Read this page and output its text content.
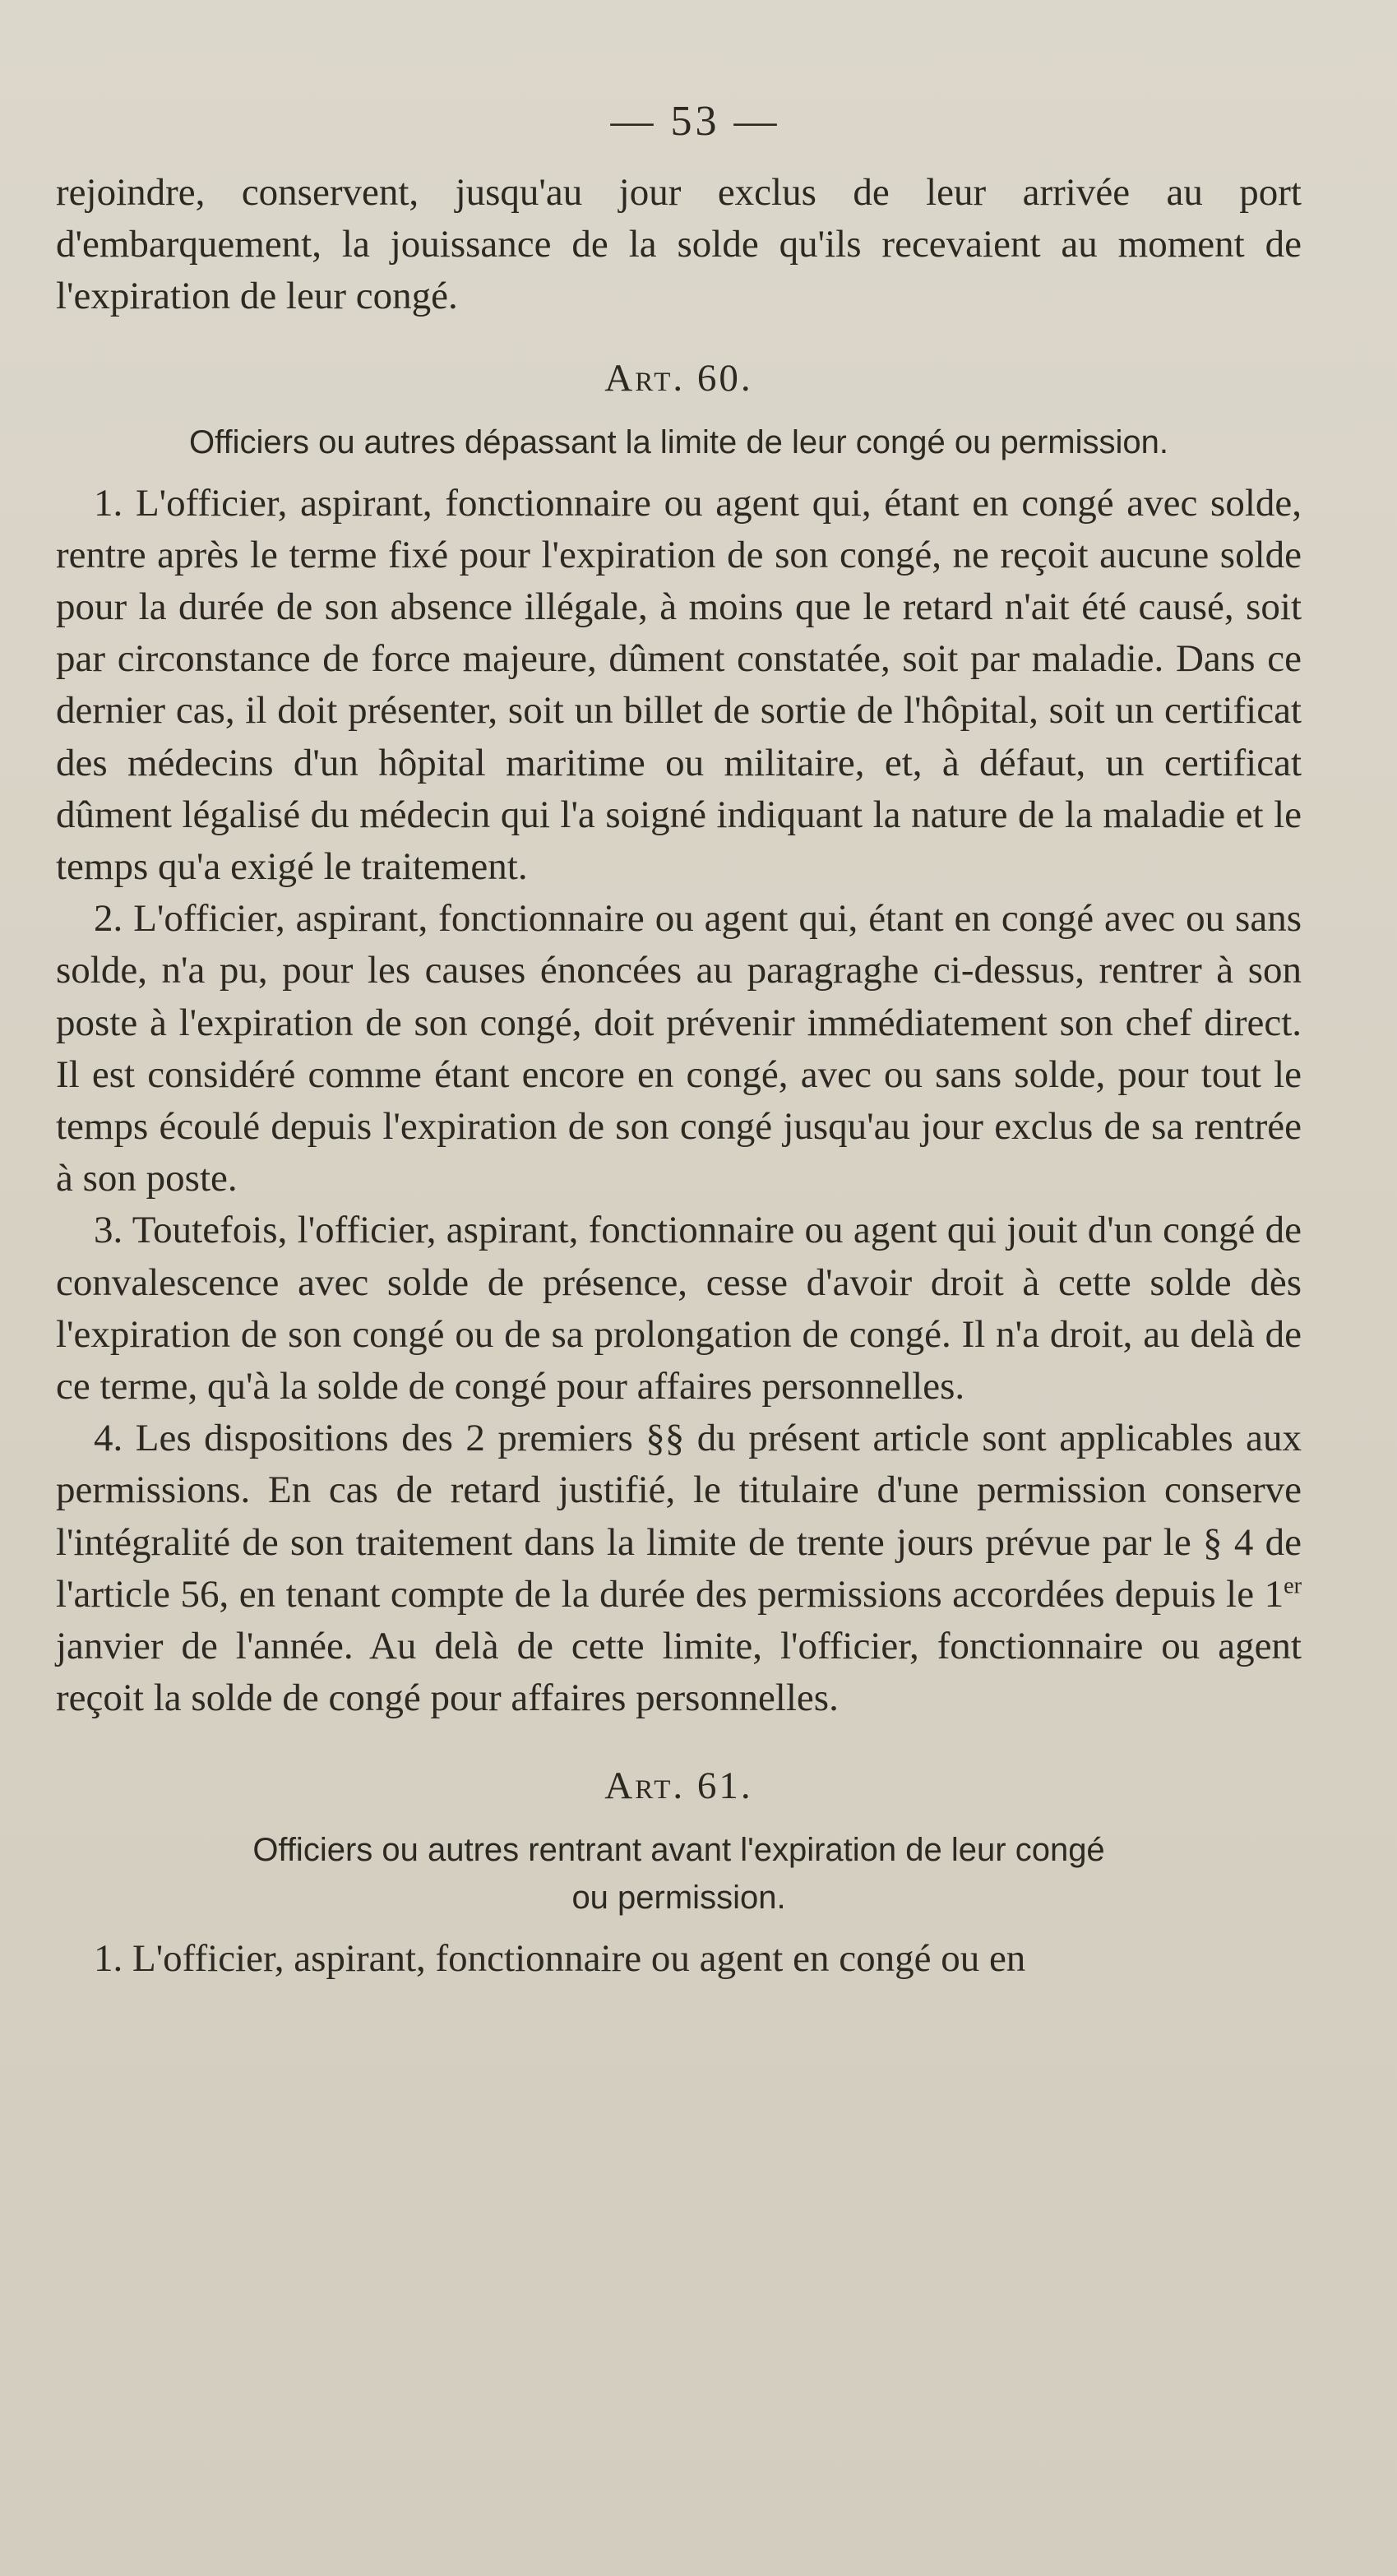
— 53 —

rejoindre, conservent, jusqu'au jour exclus de leur arrivée au port d'embarquement, la jouissance de la solde qu'ils recevaient au moment de l'expiration de leur congé.

Art. 60.
Officiers ou autres dépassant la limite de leur congé ou permission.

1. L'officier, aspirant, fonctionnaire ou agent qui, étant en congé avec solde, rentre après le terme fixé pour l'expiration de son congé, ne reçoit aucune solde pour la durée de son absence illégale, à moins que le retard n'ait été causé, soit par circonstance de force majeure, dûment constatée, soit par maladie. Dans ce dernier cas, il doit présenter, soit un billet de sortie de l'hôpital, soit un certificat des médecins d'un hôpital maritime ou militaire, et, à défaut, un certificat dûment légalisé du médecin qui l'a soigné indiquant la nature de la maladie et le temps qu'a exigé le traitement.

2. L'officier, aspirant, fonctionnaire ou agent qui, étant en congé avec ou sans solde, n'a pu, pour les causes énoncées au paragraghe ci-dessus, rentrer à son poste à l'expiration de son congé, doit prévenir immédiatement son chef direct. Il est considéré comme étant encore en congé, avec ou sans solde, pour tout le temps écoulé depuis l'expiration de son congé jusqu'au jour exclus de sa rentrée à son poste.

3. Toutefois, l'officier, aspirant, fonctionnaire ou agent qui jouit d'un congé de convalescence avec solde de présence, cesse d'avoir droit à cette solde dès l'expiration de son congé ou de sa prolongation de congé. Il n'a droit, au delà de ce terme, qu'à la solde de congé pour affaires personnelles.

4. Les dispositions des 2 premiers §§ du présent article sont applicables aux permissions. En cas de retard justifié, le titulaire d'une permission conserve l'intégralité de son traitement dans la limite de trente jours prévue par le § 4 de l'article 56, en tenant compte de la durée des permissions accordées depuis le 1er janvier de l'année. Au delà de cette limite, l'officier, fonctionnaire ou agent reçoit la solde de congé pour affaires personnelles.

Art. 61.
Officiers ou autres rentrant avant l'expiration de leur congé
ou permission.

1. L'officier, aspirant, fonctionnaire ou agent en congé ou en
